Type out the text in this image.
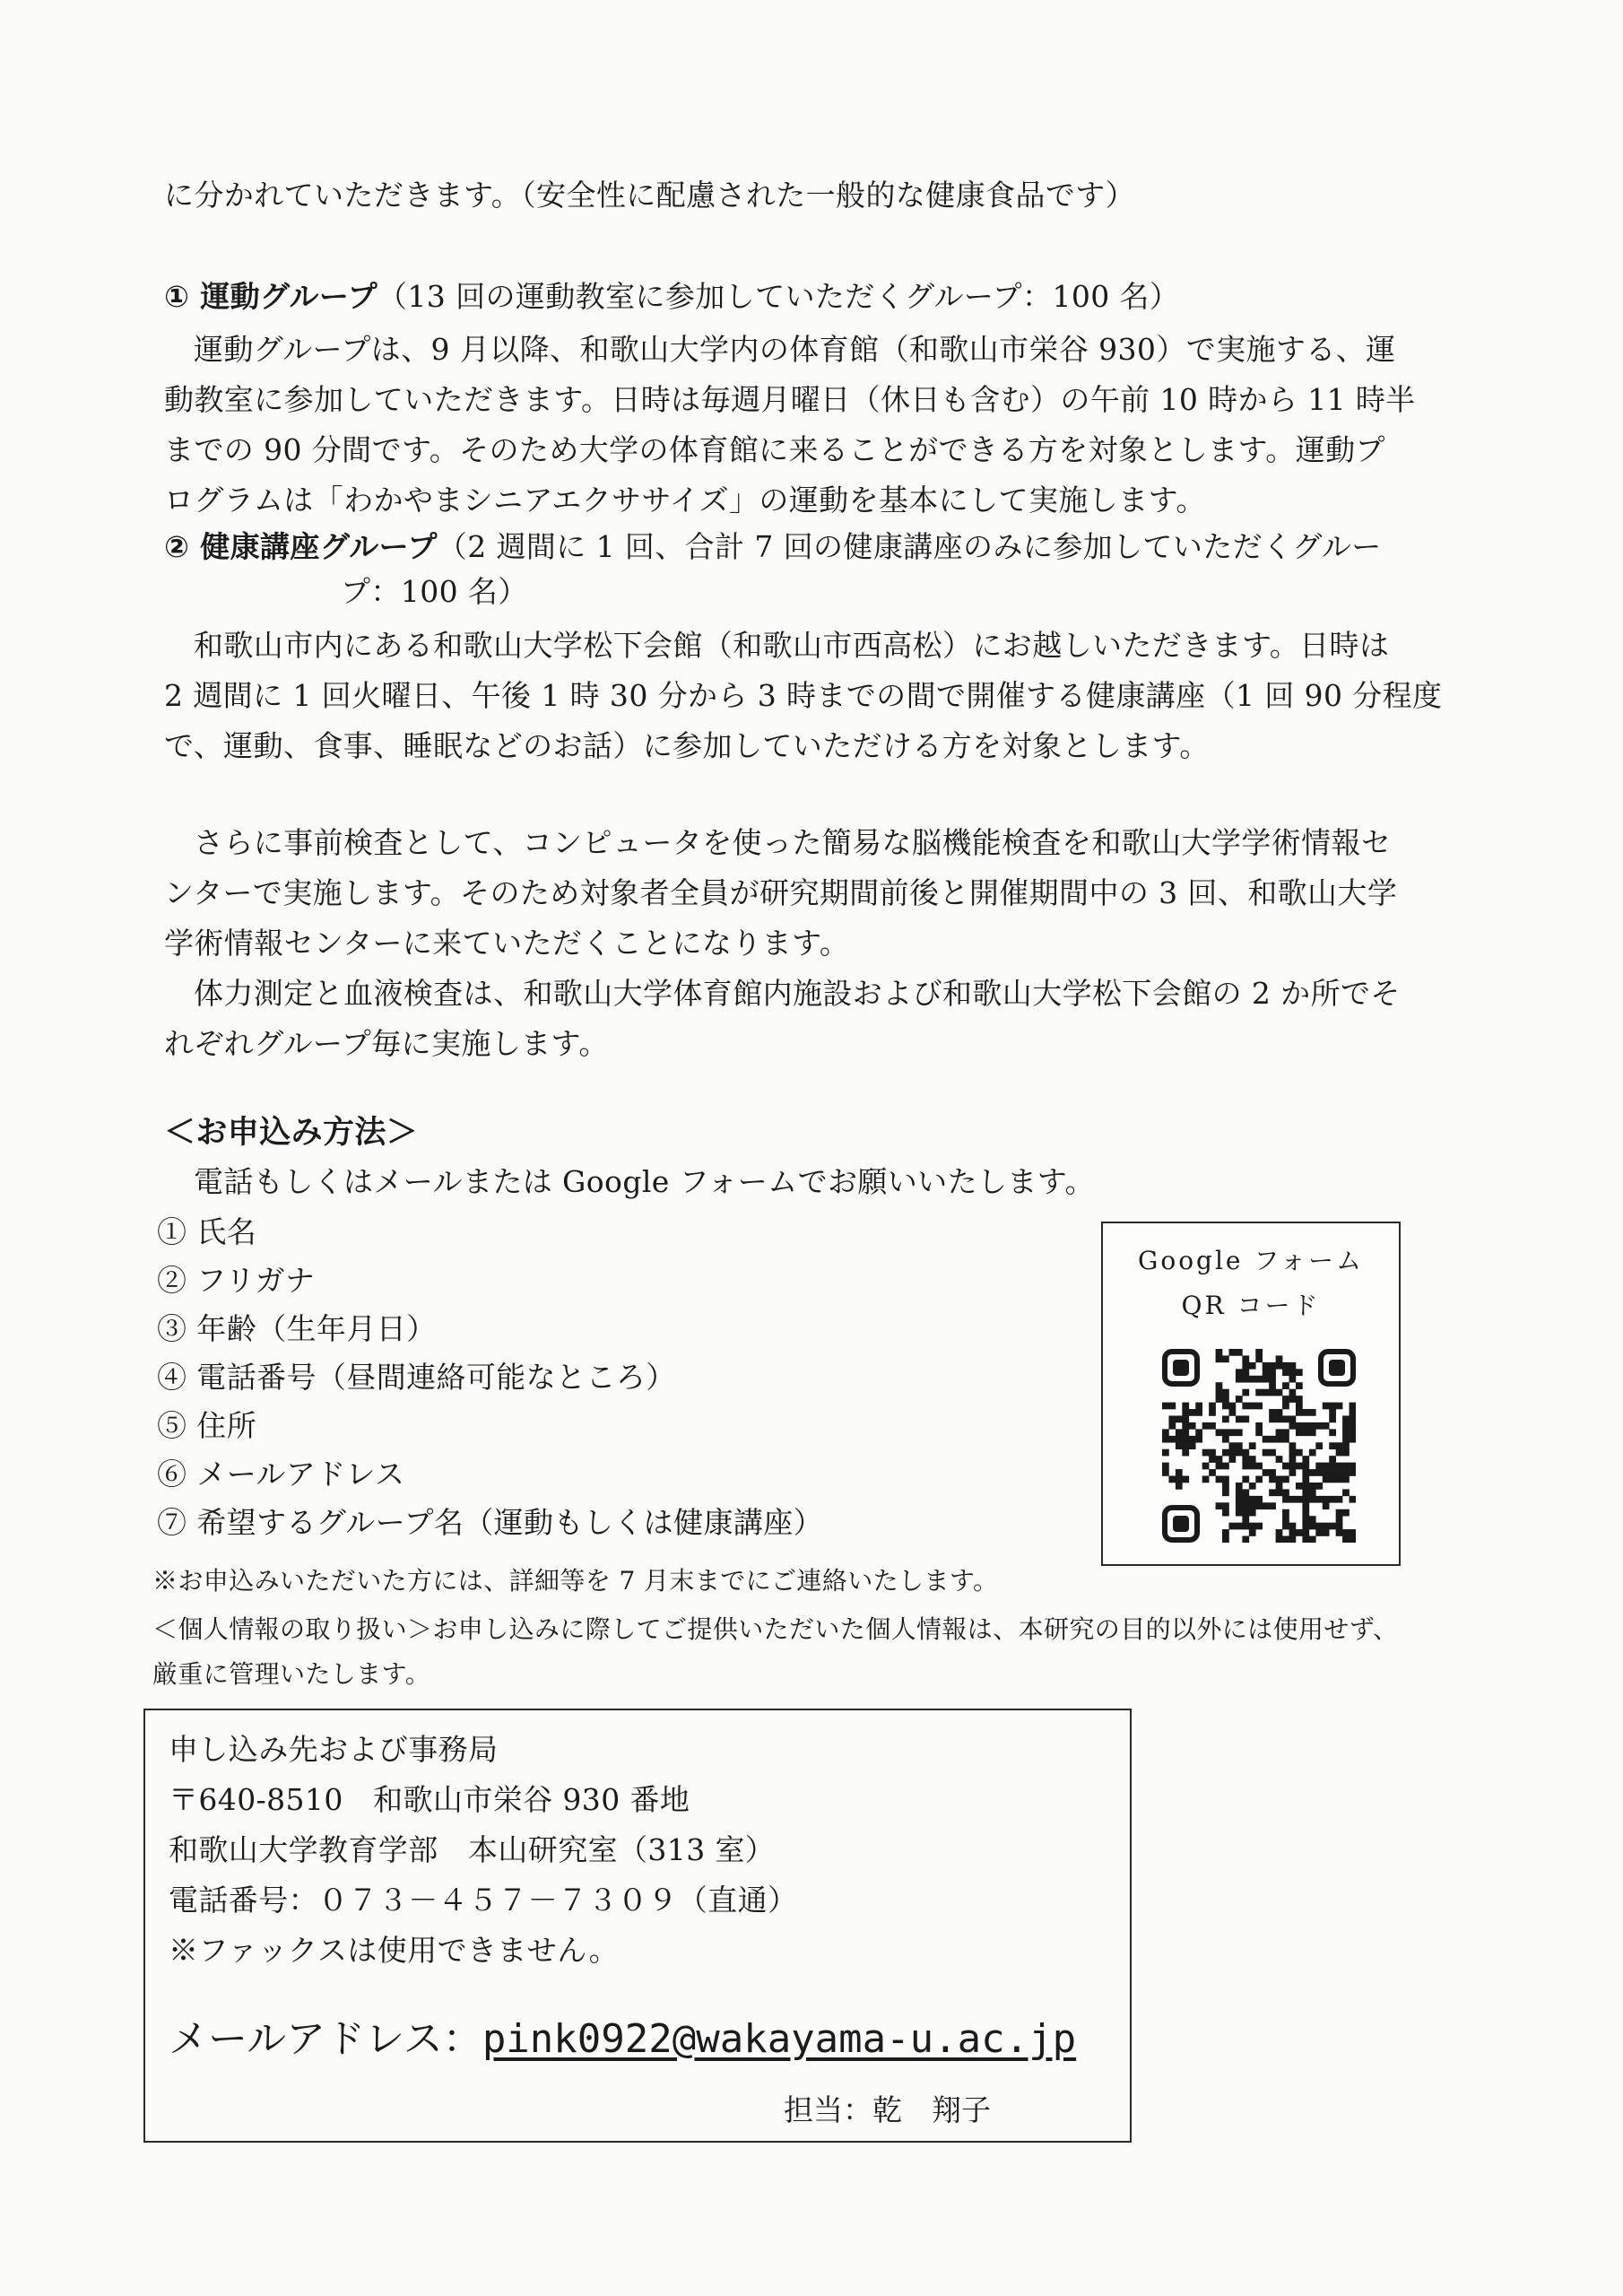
に分かれていただきます。（安全性に配慮された一般的な健康食品です）
① 運動グループ（13 回の運動教室に参加していただくグループ：100 名）
運動グループは、9 月以降、和歌山大学内の体育館（和歌山市栄谷 930）で実施する、運
動教室に参加していただきます。日時は毎週月曜日（休日も含む）の午前 10 時から 11 時半
までの 90 分間です。そのため大学の体育館に来ることができる方を対象とします。運動プ
ログラムは「わかやまシニアエクササイズ」の運動を基本にして実施します。
② 健康講座グループ（2 週間に 1 回、合計 7 回の健康講座のみに参加していただくグルー
プ：100 名）
和歌山市内にある和歌山大学松下会館（和歌山市西高松）にお越しいただきます。日時は
2 週間に 1 回火曜日、午後 1 時 30 分から 3 時までの間で開催する健康講座（1 回 90 分程度
で、運動、食事、睡眠などのお話）に参加していただける方を対象とします。
さらに事前検査として、コンピュータを使った簡易な脳機能検査を和歌山大学学術情報セ
ンターで実施します。そのため対象者全員が研究期間前後と開催期間中の 3 回、和歌山大学
学術情報センターに来ていただくことになります。
体力測定と血液検査は、和歌山大学体育館内施設および和歌山大学松下会館の 2 か所でそ
れぞれグループ毎に実施します。
＜お申込み方法＞
電話もしくはメールまたは Google フォームでお願いいたします。
① 氏名
② フリガナ
③ 年齢（生年月日）
④ 電話番号（昼間連絡可能なところ）
⑤ 住所
⑥ メールアドレス
⑦ 希望するグループ名（運動もしくは健康講座）
※お申込みいただいた方には、詳細等を 7 月末までにご連絡いたします。
＜個人情報の取り扱い＞お申し込みに際してご提供いただいた個人情報は、本研究の目的以外には使用せず、
厳重に管理いたします。
Google フォーム
QR コード
申し込み先および事務局
〒640-8510　和歌山市栄谷 930 番地
和歌山大学教育学部　本山研究室（313 室）
電話番号：０７３－４５７－７３０９（直通）
※ファックスは使用できません。
メールアドレス：pink0922@wakayama-u.ac.jp
担当：乾　翔子
